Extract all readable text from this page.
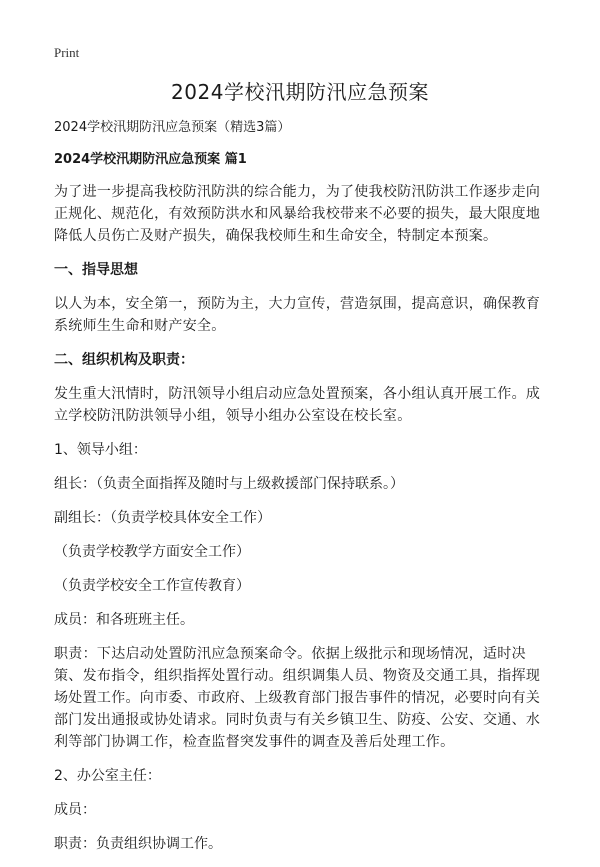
Print
2024学校汛期防汛应急预案
2024学校汛期防汛应急预案（精选3篇）
2024学校汛期防汛应急预案 篇1
为了进一步提高我校防汛防洪的综合能力，为了使我校防汛防洪工作逐步走向正规化、规范化，有效预防洪水和风暴给我校带来不必要的损失，最大限度地降低人员伤亡及财产损失，确保我校师生和生命安全，特制定本预案。
一、指导思想
以人为本，安全第一，预防为主，大力宣传，营造氛围，提高意识，确保教育系统师生生命和财产安全。
二、组织机构及职责：
发生重大汛情时，防汛领导小组启动应急处置预案，各小组认真开展工作。成立学校防汛防洪领导小组，领导小组办公室设在校长室。
1、领导小组：
组长：（负责全面指挥及随时与上级救援部门保持联系。）
副组长：（负责学校具体安全工作）
（负责学校教学方面安全工作）
（负责学校安全工作宣传教育）
成员：和各班班主任。
职责：下达启动处置防汛应急预案命令。依据上级批示和现场情况，适时决策、发布指令，组织指挥处置行动。组织调集人员、物资及交通工具，指挥现场处置工作。向市委、市政府、上级教育部门报告事件的情况，必要时向有关部门发出通报或协处请求。同时负责与有关乡镇卫生、防疫、公安、交通、水利等部门协调工作，检查监督突发事件的调查及善后处理工作。
2、办公室主任：
成员：
职责：负责组织协调工作。
